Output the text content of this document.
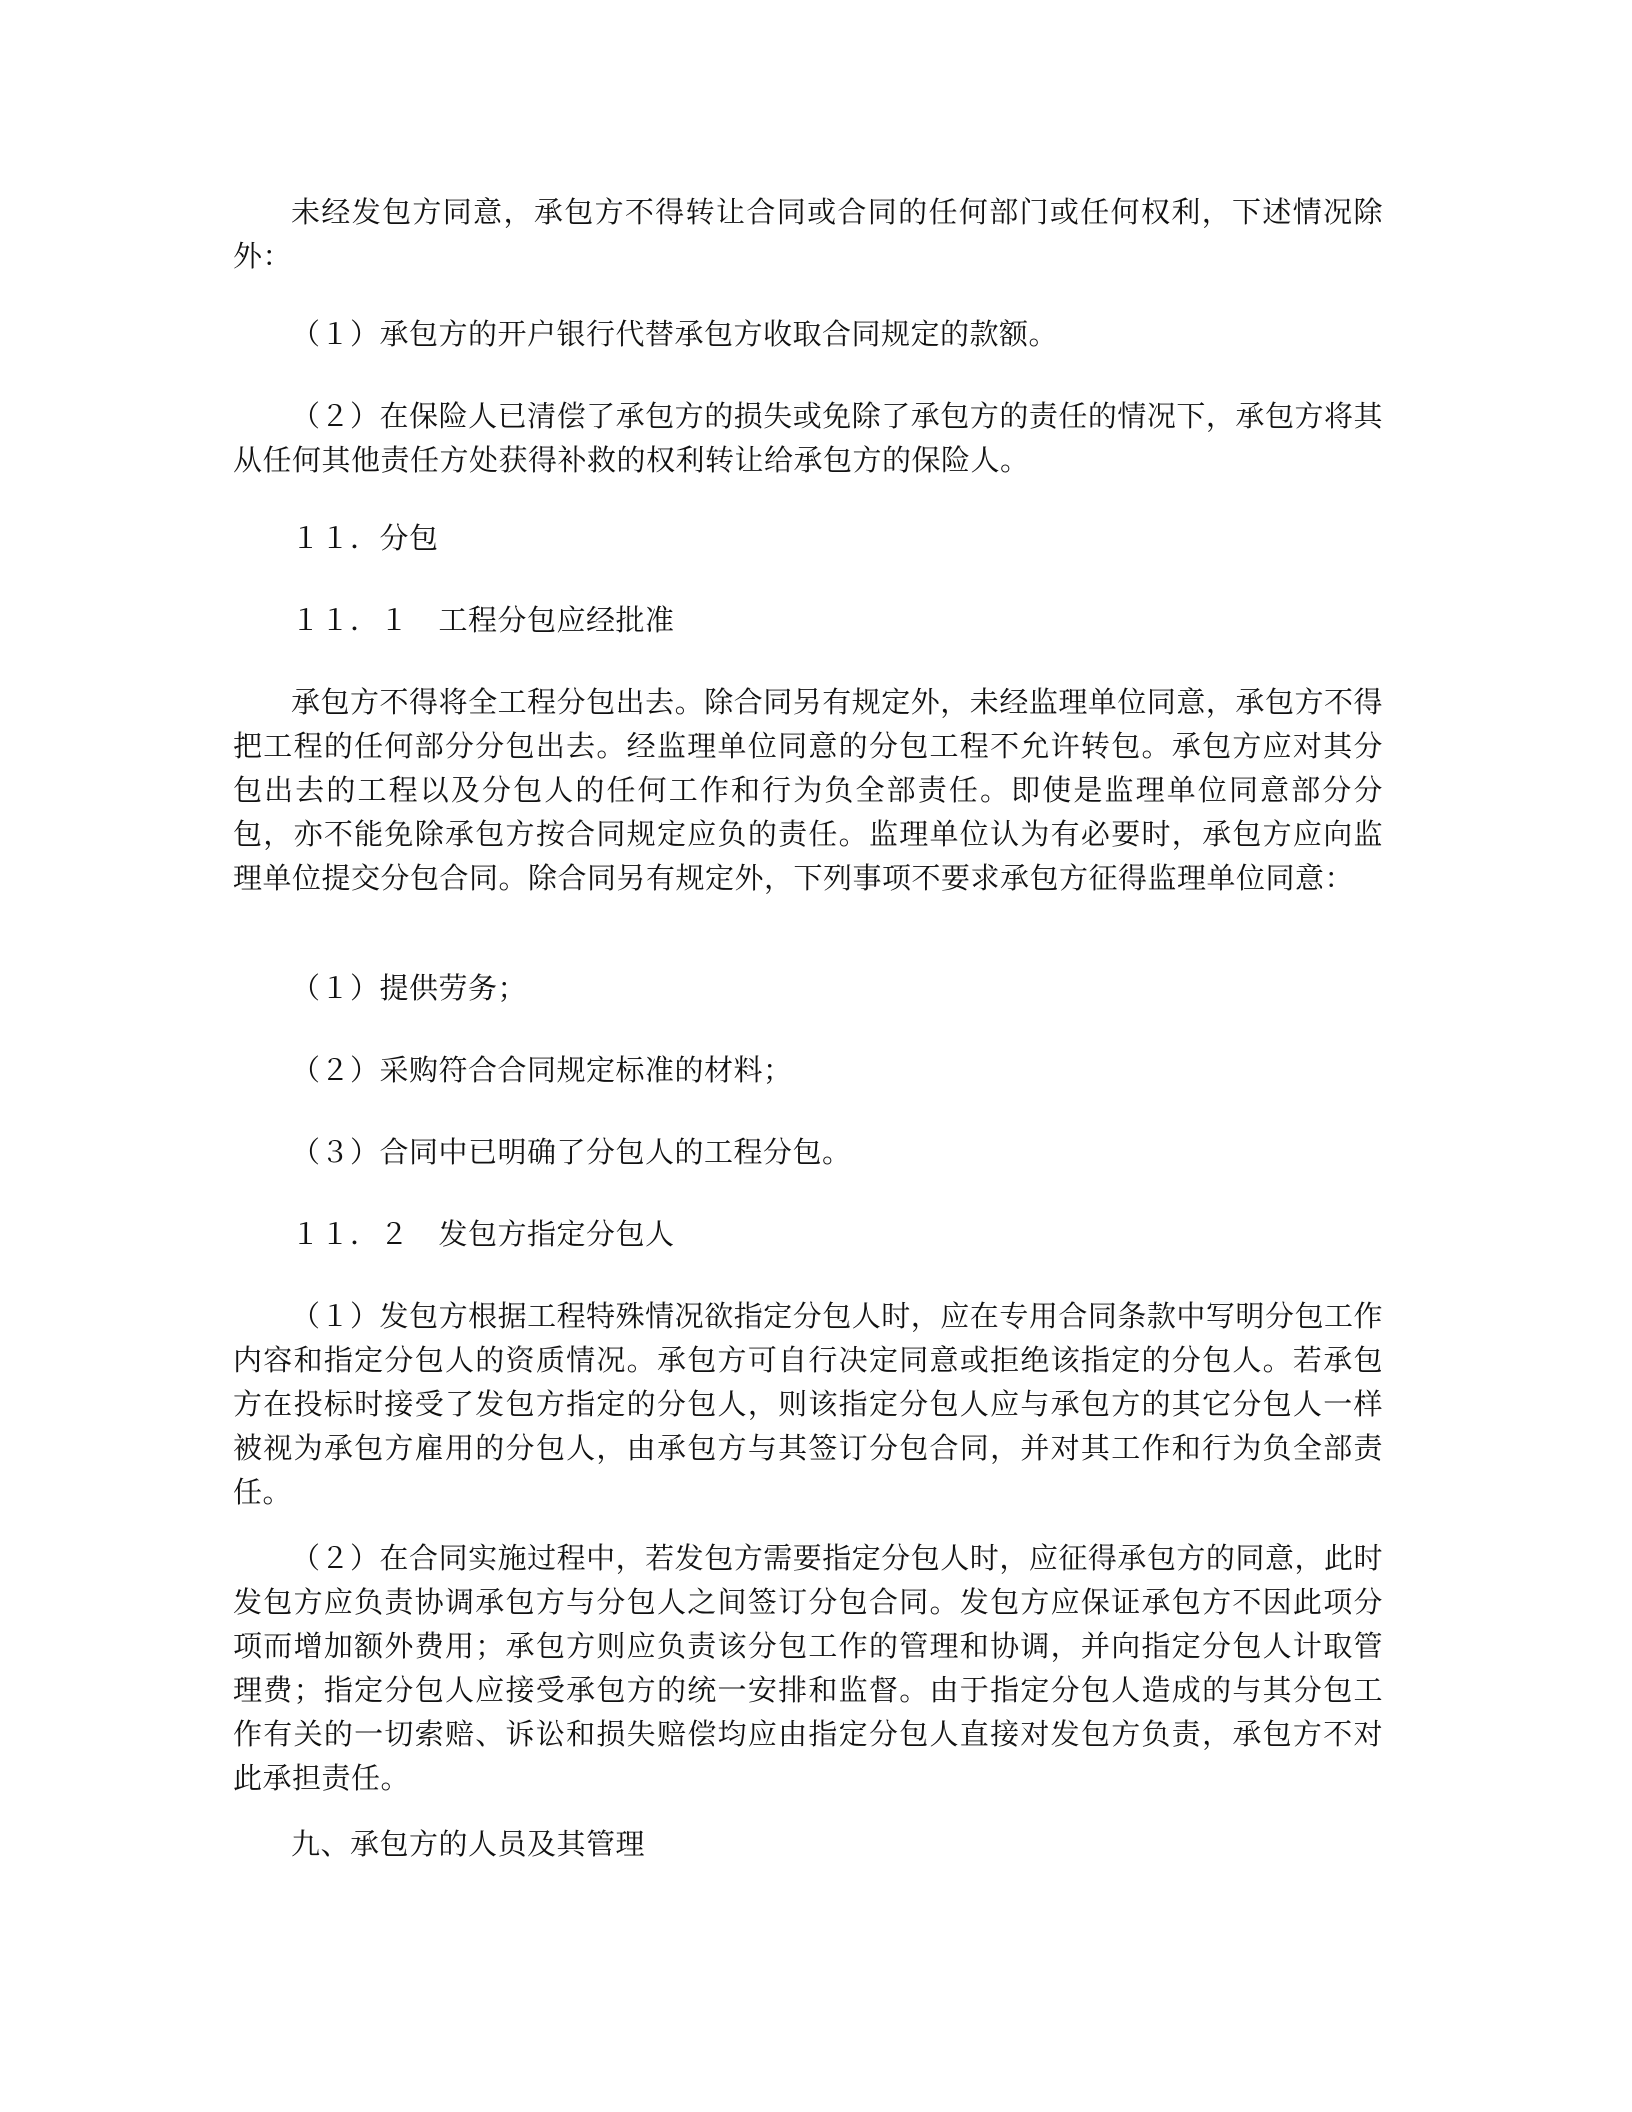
未经发包方同意，承包方不得转让合同或合同的任何部门或任何权利，下述情况除外：

（１）承包方的开户银行代替承包方收取合同规定的款额。

（２）在保险人已清偿了承包方的损失或免除了承包方的责任的情况下，承包方将其从任何其他责任方处获得补救的权利转让给承包方的保险人。

１１．分包

１１．１　工程分包应经批准

承包方不得将全工程分包出去。除合同另有规定外，未经监理单位同意，承包方不得把工程的任何部分分包出去。经监理单位同意的分包工程不允许转包。承包方应对其分包出去的工程以及分包人的任何工作和行为负全部责任。即使是监理单位同意部分分包，亦不能免除承包方按合同规定应负的责任。监理单位认为有必要时，承包方应向监理单位提交分包合同。除合同另有规定外，下列事项不要求承包方征得监理单位同意：

（１）提供劳务；

（２）采购符合合同规定标准的材料；

（３）合同中已明确了分包人的工程分包。

１１．２　发包方指定分包人

（１）发包方根据工程特殊情况欲指定分包人时，应在专用合同条款中写明分包工作内容和指定分包人的资质情况。承包方可自行决定同意或拒绝该指定的分包人。若承包方在投标时接受了发包方指定的分包人，则该指定分包人应与承包方的其它分包人一样被视为承包方雇用的分包人，由承包方与其签订分包合同，并对其工作和行为负全部责任。

（２）在合同实施过程中，若发包方需要指定分包人时，应征得承包方的同意，此时发包方应负责协调承包方与分包人之间签订分包合同。发包方应保证承包方不因此项分项而增加额外费用；承包方则应负责该分包工作的管理和协调，并向指定分包人计取管理费；指定分包人应接受承包方的统一安排和监督。由于指定分包人造成的与其分包工作有关的一切索赔、诉讼和损失赔偿均应由指定分包人直接对发包方负责，承包方不对此承担责任。

九、承包方的人员及其管理
